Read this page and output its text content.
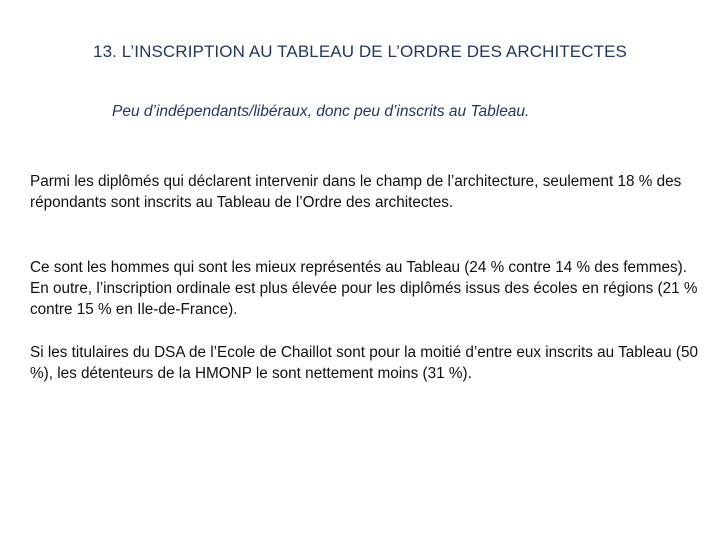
13. L’INSCRIPTION AU TABLEAU DE L’ORDRE DES ARCHITECTES
Peu d’indépendants/libéraux, donc peu d’inscrits au Tableau.

Parmi les diplômés qui déclarent intervenir dans le champ de l’architecture, seulement 18 % des répondants sont inscrits au Tableau de l’Ordre des architectes.

Ce sont les hommes qui sont les mieux représentés au Tableau (24 % contre 14 % des femmes). En outre, l’inscription ordinale est plus élevée pour les diplômés issus des écoles en régions (21 % contre 15 % en Ile-de-France).

Si les titulaires du DSA de l’Ecole de Chaillot sont pour la moitié d’entre eux inscrits au Tableau (50 %), les détenteurs de la HMONP le sont nettement moins (31 %).
